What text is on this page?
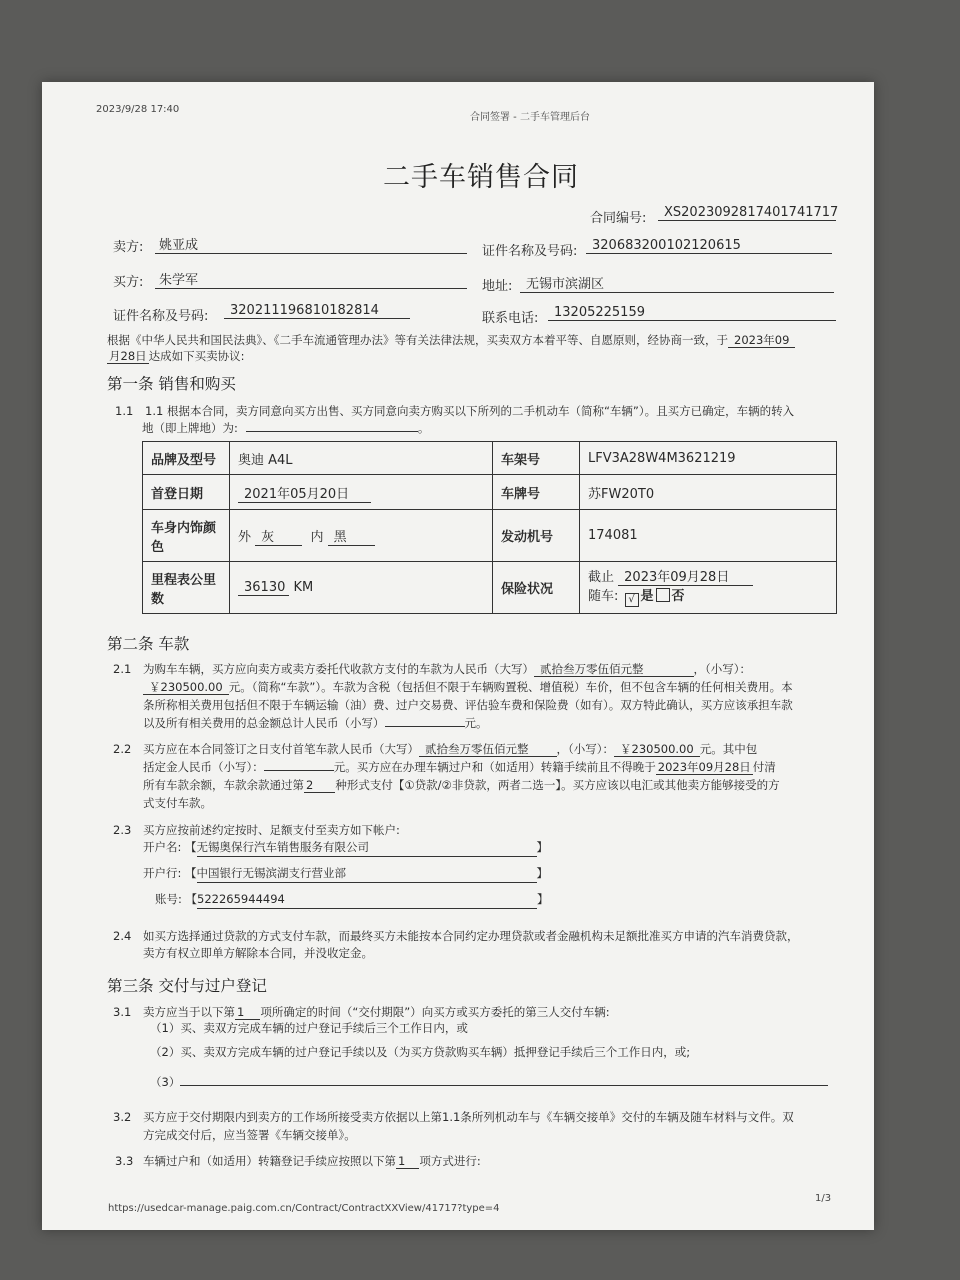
2023/9/28 17:40
合同签署 - 二手车管理后台
二手车销售合同
合同编号:	XS2023092817401741717
卖方:	姚亚成	证件名称及号码:	320683200102120615
买方:	朱学军	地址:	无锡市滨湖区
证件名称及号码:	320211196810182814
联系电话:	13205225159
根据《中华人民共和国民法典》、《二手车流通管理办法》等有关法律法规，买卖双方本着平等、自愿原则，经协商一致，于 2023年09
月28日 达成如下买卖协议:
第一条 销售和购买
1.1 1.1 根据本合同，卖方同意向买方出售、买方同意向卖方购买以下所列的二手机动车（简称“车辆”）。且买方已确定，车辆的转入
地（即上牌地）为:	。
品牌及型号	奥迪 A4L	车架号	LFV3A28W4M3621219
首登日期	2021年05月20日	车牌号	苏FW20T0
车身内饰颜色	外 灰 内 黑	发动机号	174081
里程表公里数	36130 KM	保险状况	截止 2023年09月28日
随车: √ 是 否
第二条 车款
2.1 为购车车辆，买方应向卖方或卖方委托代收款方支付的车款为人民币（大写） 贰拾叁万零伍佰元整	，（小写）：
￥230500.00 元。（简称“车款”）。车款为含税（包括但不限于车辆购置税、增值税）车价，但不包含车辆的任何相关费用。本
条所称相关费用包括但不限于车辆运输（油）费、过户交易费、评估验车费和保险费（如有）。双方特此确认，买方应该承担车款
以及所有相关费用的总金额总计人民币（小写）	元。
2.2 买方应在本合同签订之日支付首笔车款人民币（大写） 贰拾叁万零伍佰元整 ，（小写）： ￥230500.00 元。其中包
括定金人民币（小写）：	元。买方应在办理车辆过户和（如适用）转籍手续前且不得晚于 2023年09月28日 付清
所有车款余额，车款余款通过第 2 种形式支付【①贷款/②非贷款，两者二选一】。买方应该以电汇或其他卖方能够接受的方
式支付车款。
2.3 买方应按前述约定按时、足额支付至卖方如下帐户:
开户名: 【无锡奥保行汽车销售服务有限公司	】
开户行: 【中国银行无锡滨湖支行营业部	】
账号: 【522265944494	】
2.4 如买方选择通过贷款的方式支付车款，而最终买方未能按本合同约定办理贷款或者金融机构未足额批准买方申请的汽车消费贷款，
卖方有权立即单方解除本合同，并没收定金。
第三条 交付与过户登记
3.1 卖方应当于以下第 1 项所确定的时间（“交付期限”）向买方或买方委托的第三人交付车辆:
（1）买、卖双方完成车辆的过户登记手续后三个工作日内，或
（2）买、卖双方完成车辆的过户登记手续以及（为买方贷款购买车辆）抵押登记手续后三个工作日内，或;
（3）
3.2 买方应于交付期限内到卖方的工作场所接受卖方依据以上第1.1条所列机动车与《车辆交接单》交付的车辆及随车材料与文件。双
方完成交付后，应当签署《车辆交接单》。
3.3 车辆过户和（如适用）转籍登记手续应按照以下第 1 项方式进行:
https://usedcar-manage.paig.com.cn/Contract/ContractXXView/41717?type=4
1/3
